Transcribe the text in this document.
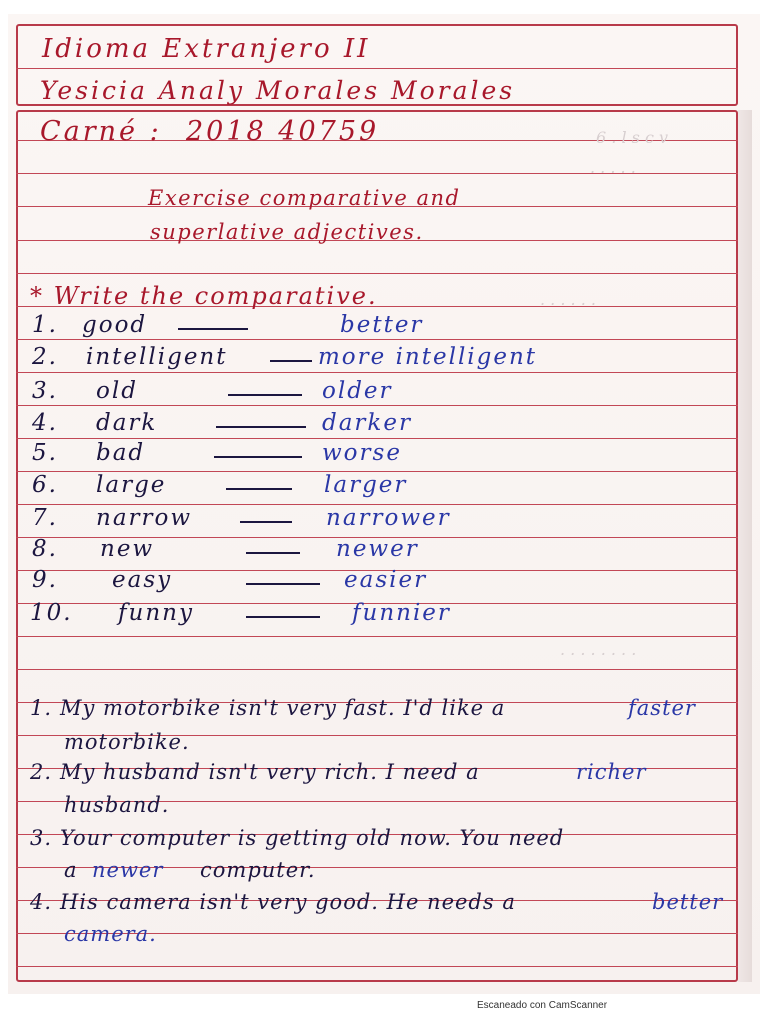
Idioma Extranjero II
Yesicia Analy Morales Morales
6 . l s c v
. . . . .
. . . . . .
. . . . . . . .
Carné : 2018 40759
Exercise comparative and
superlative adjectives.
* Write the comparative.
1. good	better
2. intelligent	more intelligent
3. old	older
4. dark	darker
5. bad	worse
6. large	larger
7. narrow	narrower
8. new	newer
9. easy	easier
10. funny	funnier
1. My motorbike isn't very fast. I'd like a	faster
motorbike.
2. My husband isn't very rich. I need a	richer
husband.
3. Your computer is getting old now. You need
a newer computer.
4. His camera isn't very good. He needs a	better
camera.
Escaneado con CamScanner
